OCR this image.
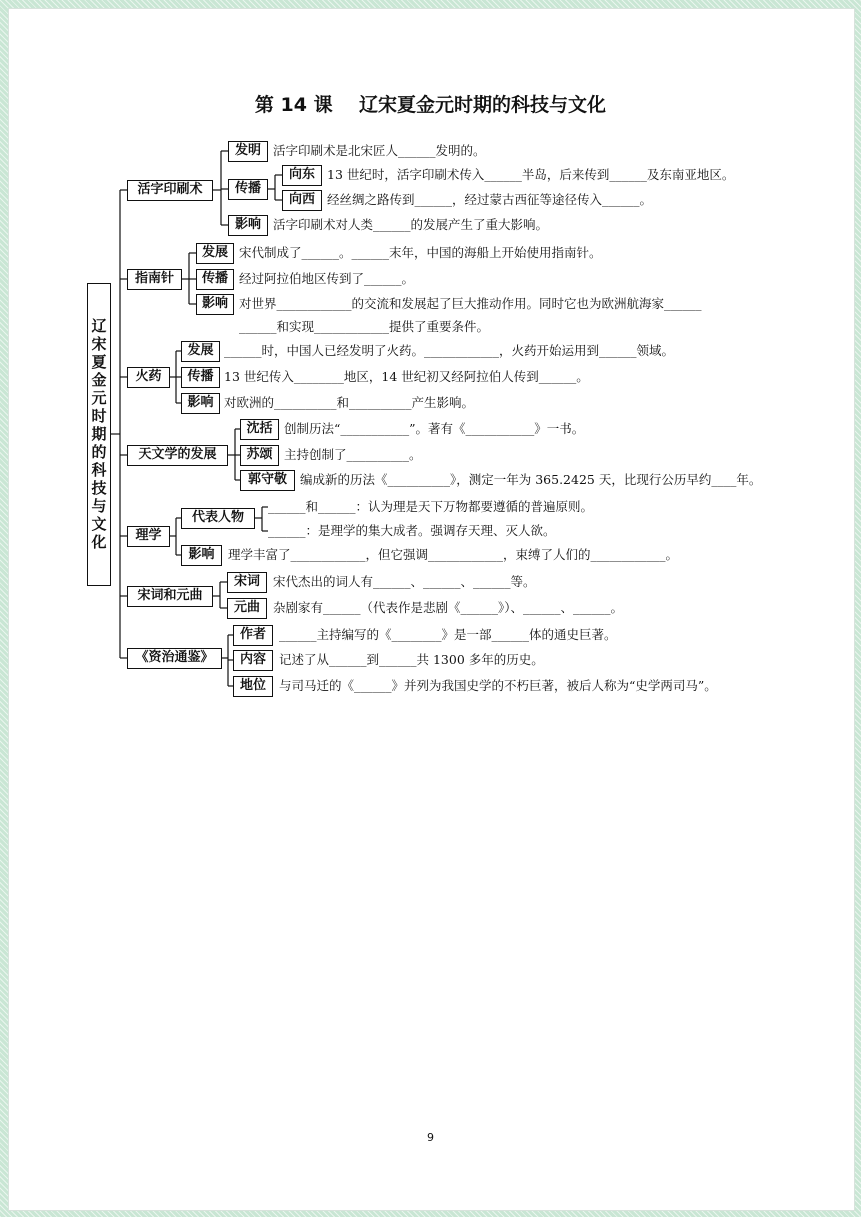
第 14 课    辽宋夏金元时期的科技与文化
辽宋夏金元时期的科技与文化
活字印刷术
指南针
火药
天文学的发展
理学
宋词和元曲
《资治通鉴》
发明 活字印刷术是北宋匠人______发明的。
传播
向东 13 世纪时，活字印刷术传入______半岛，后来传到______及东南亚地区。
向西 经丝绸之路传到______，经过蒙古西征等途径传入______。
影响 活字印刷术对人类______的发展产生了重大影响。
发展 宋代制成了______。______末年，中国的海船上开始使用指南针。
传播 经过阿拉伯地区传到了______。
影响 对世界____________的交流和发展起了巨大推动作用。同时它也为欧洲航海家______
______和实现____________提供了重要条件。
发展 ______时，中国人已经发明了火药。____________，火药开始运用到______领域。
传播 13 世纪传入________地区，14 世纪初又经阿拉伯人传到______。
影响 对欧洲的__________和__________产生影响。
沈括 创制历法“___________”。著有《___________》一书。
苏颂 主持创制了__________。
郭守敬	编成新的历法《__________》，测定一年为 365.2425 天，比现行公历早约____年。
代表人物
______和______：认为理是天下万物都要遵循的普遍原则。
______：是理学的集大成者。强调存天理、灭人欲。
影响	理学丰富了____________，但它强调____________，束缚了人们的____________。
宋词	宋代杰出的词人有______、______、______等。
元曲	杂剧家有______（代表作是悲剧《______》）、______、______。
作者	______主持编写的《________》是一部______体的通史巨著。
内容	记述了从______到______共 1300 多年的历史。
地位	与司马迁的《______》并列为我国史学的不朽巨著，被后人称为“史学两司马”。
9
